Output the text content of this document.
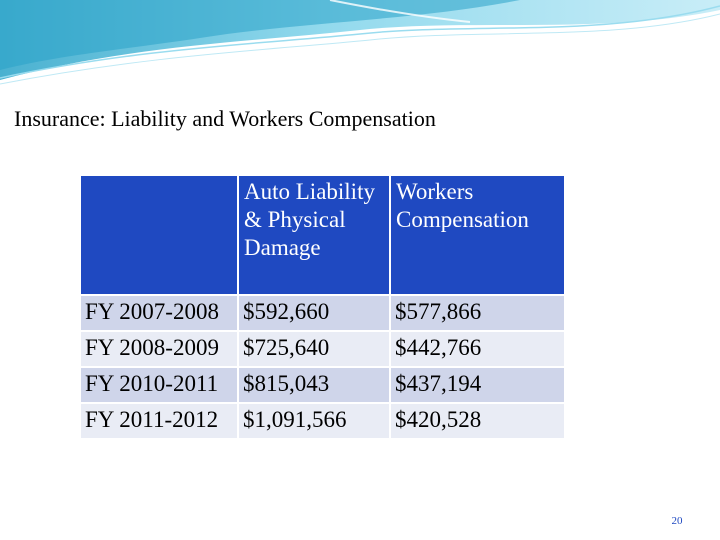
Insurance: Liability and Workers Compensation
	Auto Liability & Physical Damage	Workers Compensation
FY 2007-2008	$592,660	$577,866
FY 2008-2009	$725,640	$442,766
FY 2010-2011	$815,043	$437,194
FY 2011-2012	$1,091,566	$420,528
20
